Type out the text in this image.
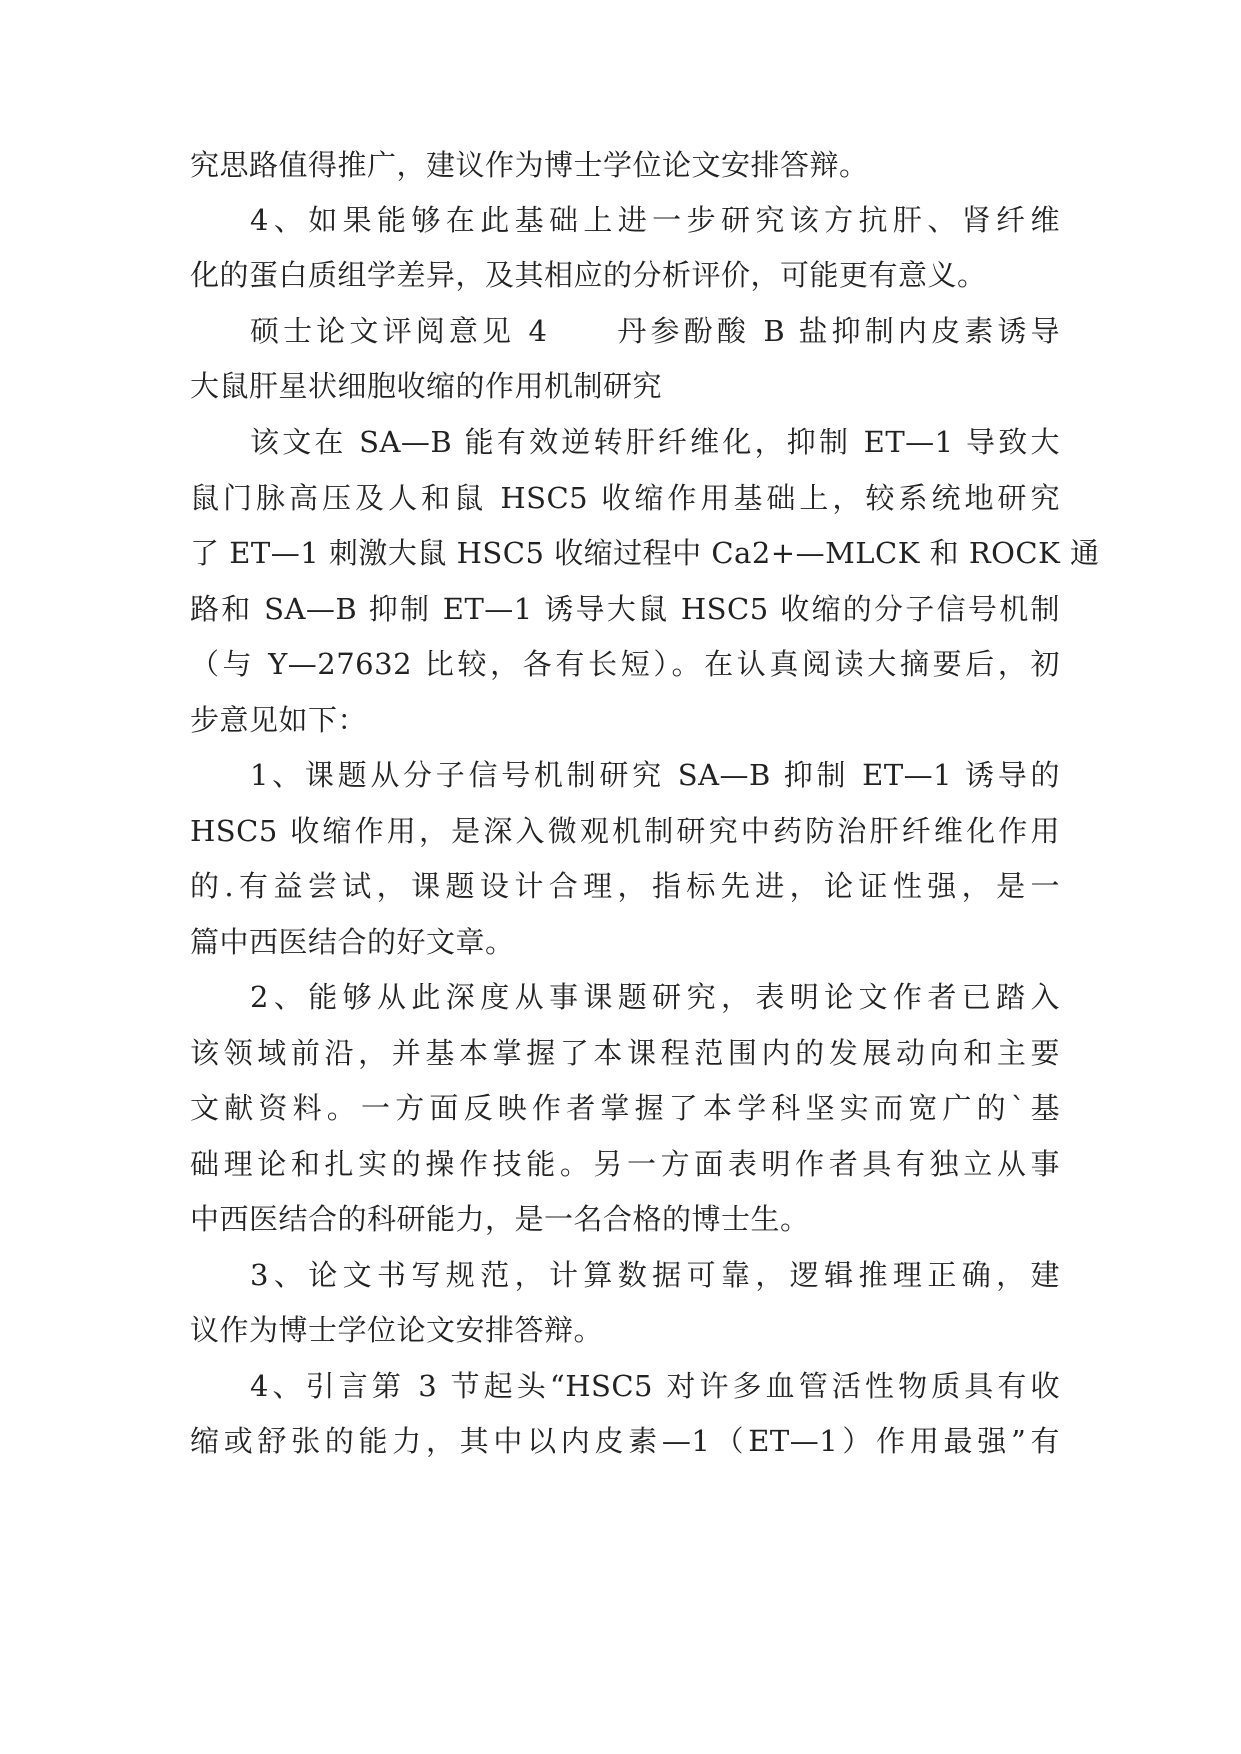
究思路值得推广，建议作为博士学位论文安排答辩。
4、如果能够在此基础上进一步研究该方抗肝、肾纤维
化的蛋白质组学差异，及其相应的分析评价，可能更有意义。
硕士论文评阅意见 4　　丹参酚酸 B 盐抑制内皮素诱导
大鼠肝星状细胞收缩的作用机制研究
该文在 SA—B 能有效逆转肝纤维化，抑制 ET—1 导致大
鼠门脉高压及人和鼠 HSC5 收缩作用基础上，较系统地研究
了 ET—1 刺激大鼠 HSC5 收缩过程中 Ca2+—MLCK 和 ROCK 通
路和 SA—B 抑制 ET—1 诱导大鼠 HSC5 收缩的分子信号机制
（与 Y—27632 比较，各有长短）。在认真阅读大摘要后，初
步意见如下：
1、课题从分子信号机制研究 SA—B 抑制 ET—1 诱导的
HSC5 收缩作用，是深入微观机制研究中药防治肝纤维化作用
的.有益尝试，课题设计合理，指标先进，论证性强，是一
篇中西医结合的好文章。
2、能够从此深度从事课题研究，表明论文作者已踏入
该领域前沿，并基本掌握了本课程范围内的发展动向和主要
文献资料。一方面反映作者掌握了本学科坚实而宽广的`基
础理论和扎实的操作技能。另一方面表明作者具有独立从事
中西医结合的科研能力，是一名合格的博士生。
3、论文书写规范，计算数据可靠，逻辑推理正确，建
议作为博士学位论文安排答辩。
4、引言第 3 节起头“HSC5 对许多血管活性物质具有收
缩或舒张的能力，其中以内皮素—1（ET—1）作用最强”有
